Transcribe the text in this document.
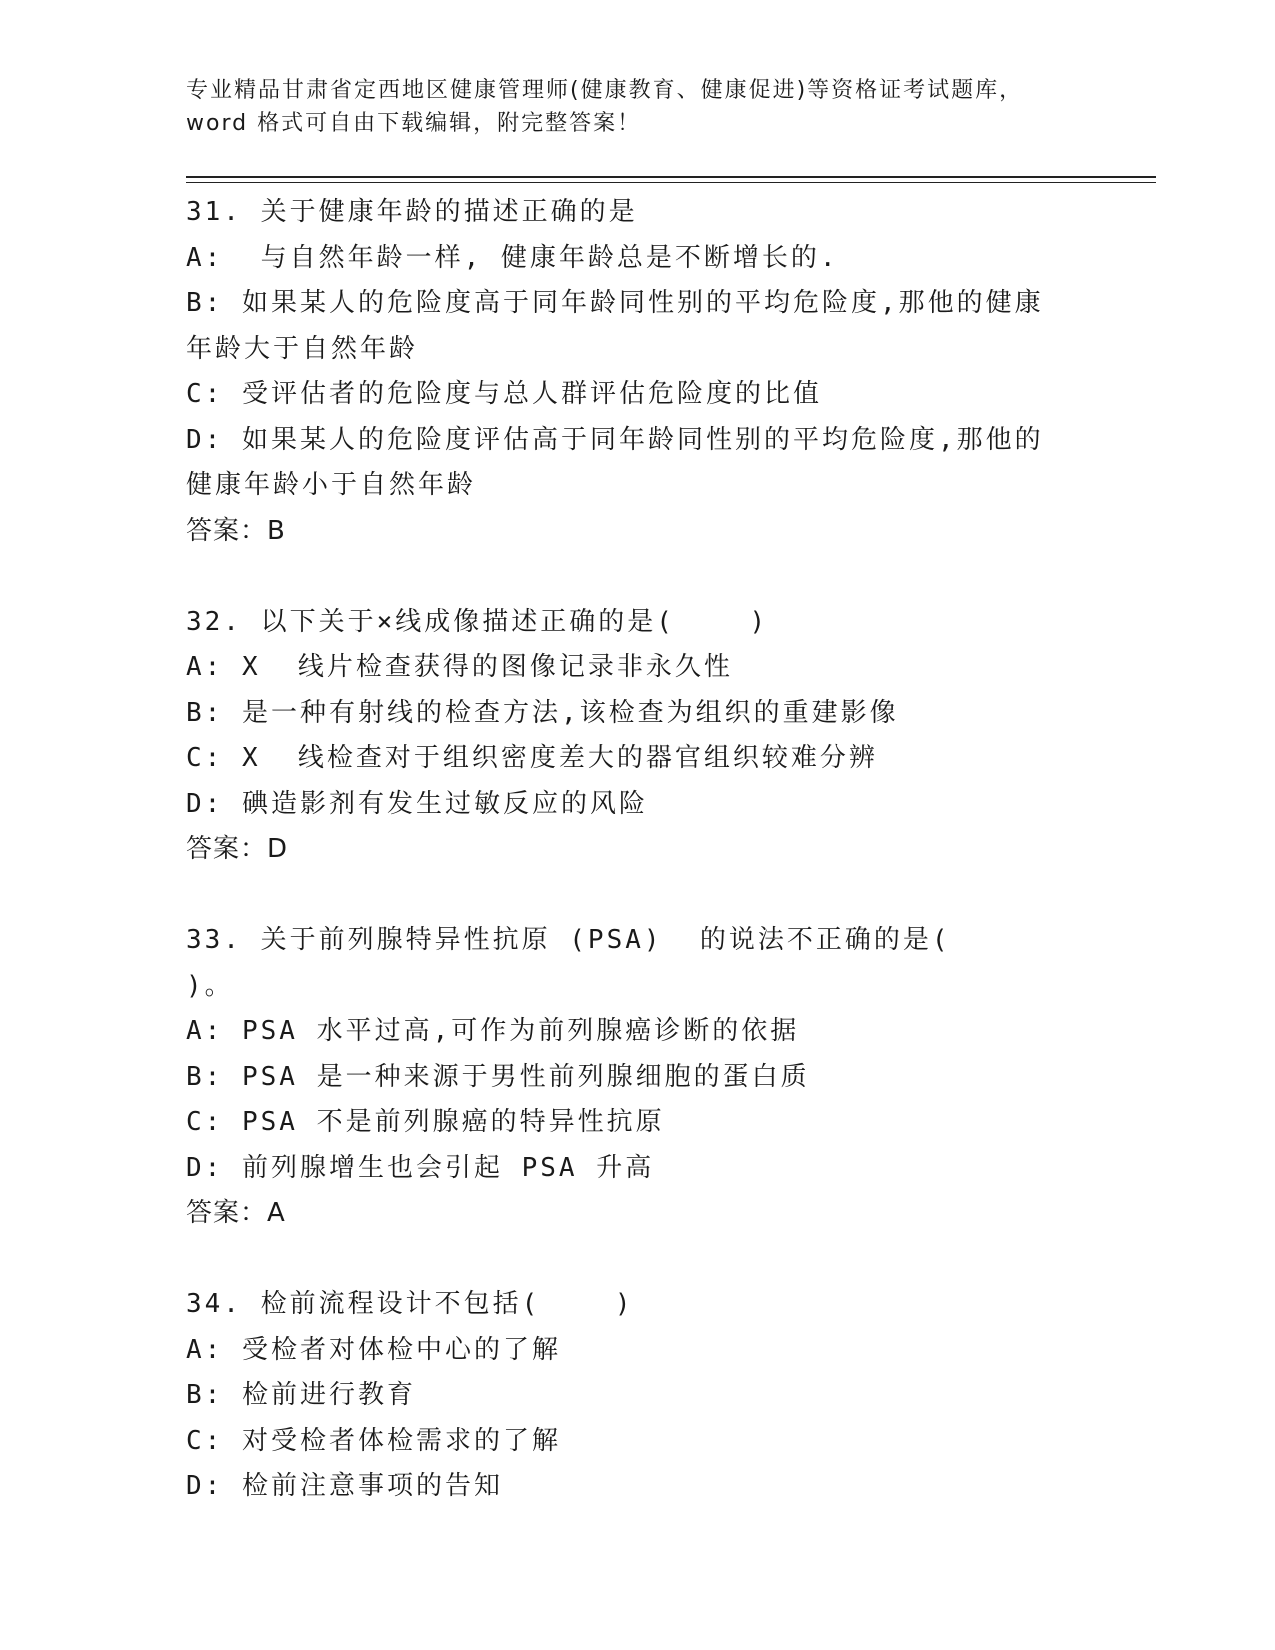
专业精品甘肃省定西地区健康管理师(健康教育、健康促进)等资格证考试题库，
word 格式可自由下载编辑，附完整答案！
31. 关于健康年龄的描述正确的是
A:  与自然年龄一样, 健康年龄总是不断增长的.
B: 如果某人的危险度高于同年龄同性别的平均危险度,那他的健康年龄大于自然年龄
C: 受评估者的危险度与总人群评估危险度的比值
D: 如果某人的危险度评估高于同年龄同性别的平均危险度,那他的健康年龄小于自然年龄
答案：B
32. 以下关于×线成像描述正确的是(    )
A: X  线片检查获得的图像记录非永久性
B: 是一种有射线的检查方法,该检查为组织的重建影像
C: X  线检查对于组织密度差大的器官组织较难分辨
D: 碘造影剂有发生过敏反应的风险
答案：D
33. 关于前列腺特异性抗原 (PSA)  的说法不正确的是(    )。
A: PSA 水平过高,可作为前列腺癌诊断的依据
B: PSA 是一种来源于男性前列腺细胞的蛋白质
C: PSA 不是前列腺癌的特异性抗原
D: 前列腺增生也会引起 PSA 升高
答案：A
34. 检前流程设计不包括(    )
A: 受检者对体检中心的了解
B: 检前进行教育
C: 对受检者体检需求的了解
D: 检前注意事项的告知
